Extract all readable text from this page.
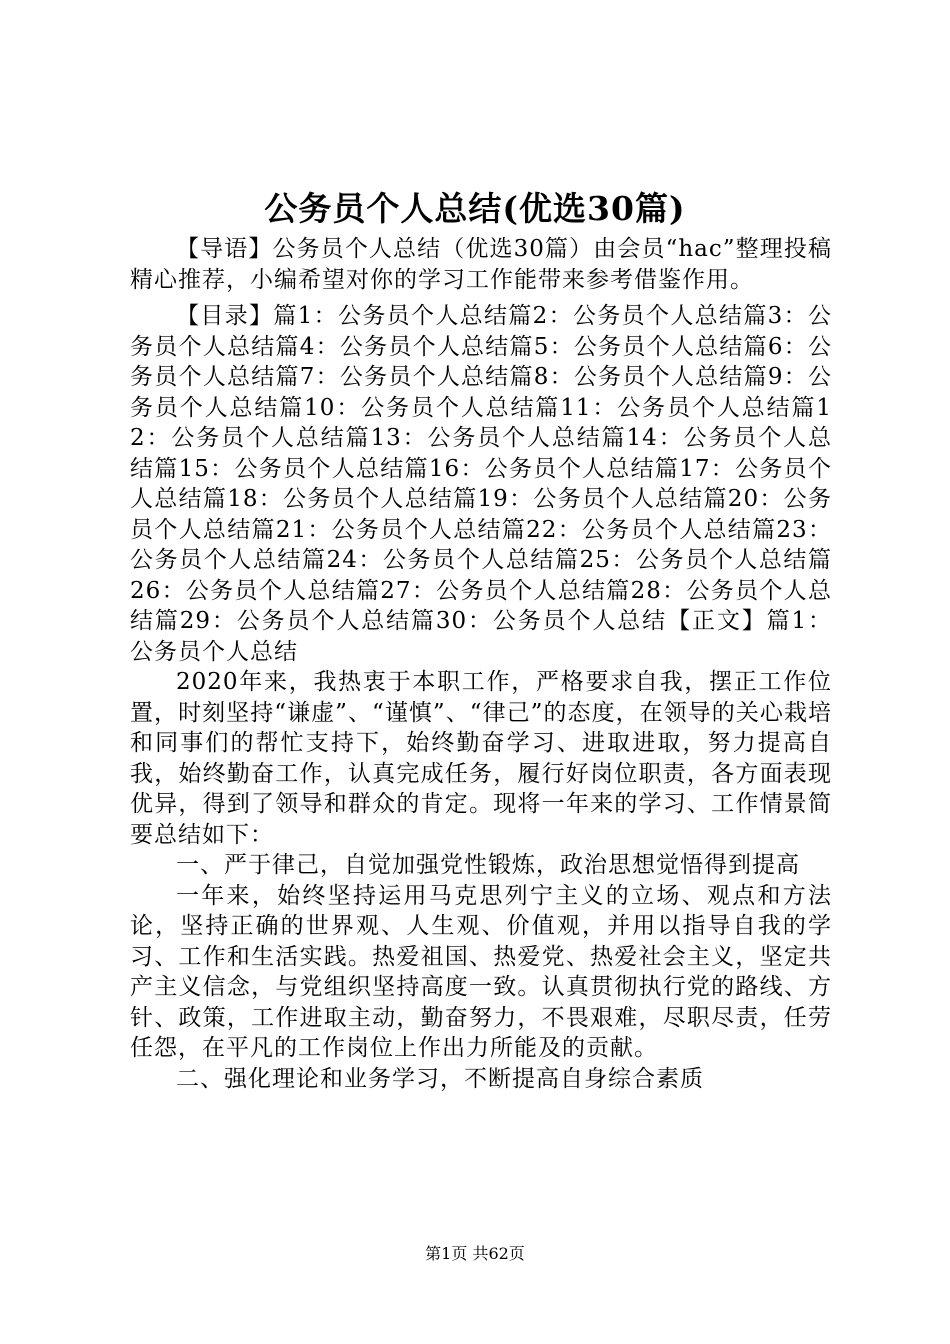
公务员个人总结(优选30篇)

【导语】公务员个人总结（优选30篇）由会员“hac”整理投稿精心推荐，小编希望对你的学习工作能带来参考借鉴作用。

【目录】篇1：公务员个人总结篇2：公务员个人总结篇3：公务员个人总结篇4：公务员个人总结篇5：公务员个人总结篇6：公务员个人总结篇7：公务员个人总结篇8：公务员个人总结篇9：公务员个人总结篇10：公务员个人总结篇11：公务员个人总结篇12：公务员个人总结篇13：公务员个人总结篇14：公务员个人总结篇15：公务员个人总结篇16：公务员个人总结篇17：公务员个人总结篇18：公务员个人总结篇19：公务员个人总结篇20：公务员个人总结篇21：公务员个人总结篇22：公务员个人总结篇23：公务员个人总结篇24：公务员个人总结篇25：公务员个人总结篇26：公务员个人总结篇27：公务员个人总结篇28：公务员个人总结篇29：公务员个人总结篇30：公务员个人总结【正文】篇1：公务员个人总结

2020年来，我热衷于本职工作，严格要求自我，摆正工作位置，时刻坚持“谦虚”、“谨慎”、“律己”的态度，在领导的关心栽培和同事们的帮忙支持下，始终勤奋学习、进取进取，努力提高自我，始终勤奋工作，认真完成任务，履行好岗位职责，各方面表现优异，得到了领导和群众的肯定。现将一年来的学习、工作情景简要总结如下：

一、严于律己，自觉加强党性锻炼，政治思想觉悟得到提高

一年来，始终坚持运用马克思列宁主义的立场、观点和方法论，坚持正确的世界观、人生观、价值观，并用以指导自我的学习、工作和生活实践。热爱祖国、热爱党、热爱社会主义，坚定共产主义信念，与党组织坚持高度一致。认真贯彻执行党的路线、方针、政策，工作进取主动，勤奋努力，不畏艰难，尽职尽责，任劳任怨，在平凡的工作岗位上作出力所能及的贡献。

二、强化理论和业务学习，不断提高自身综合素质

第1页 共62页
